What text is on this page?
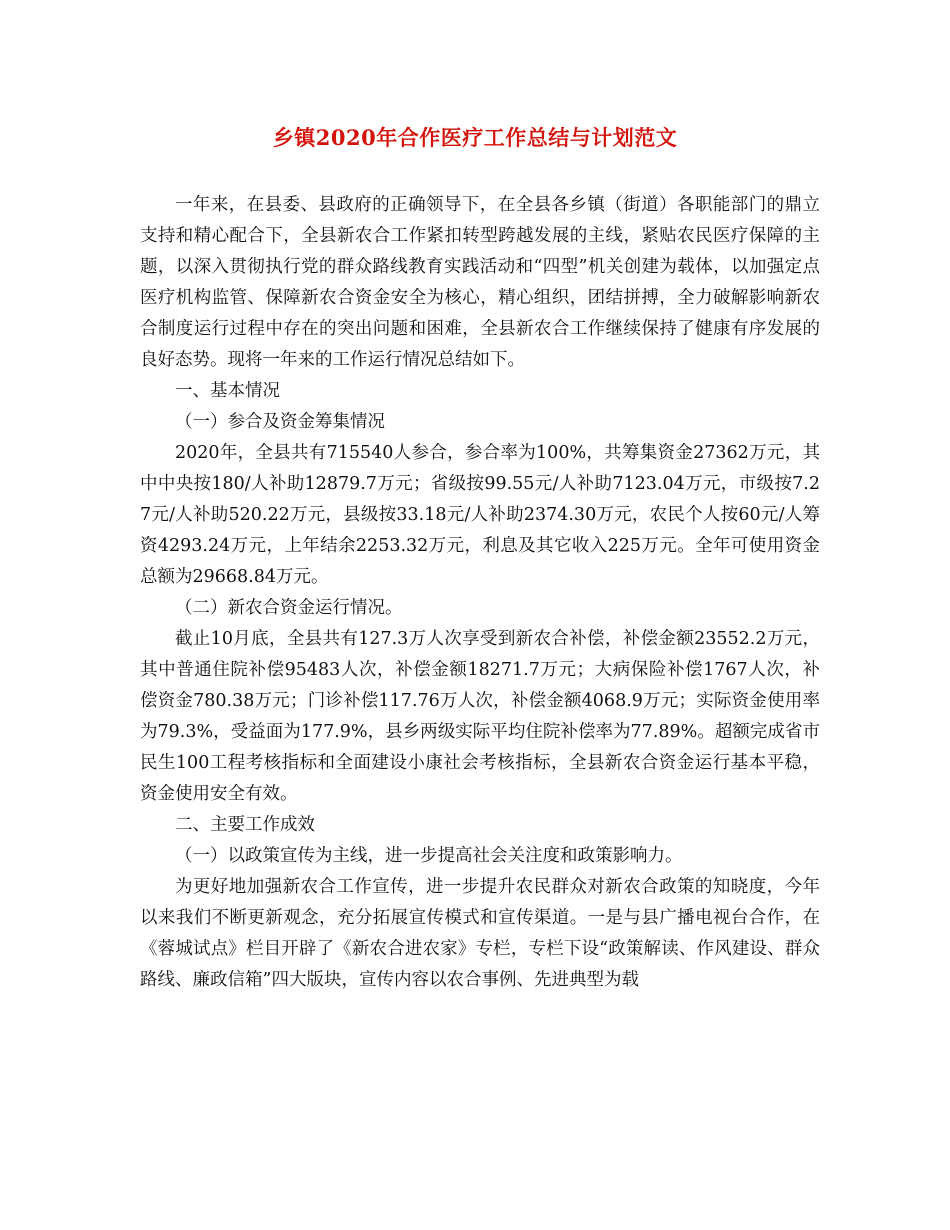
乡镇2020年合作医疗工作总结与计划范文

一年来，在县委、县政府的正确领导下，在全县各乡镇（街道）各职能部门的鼎立支持和精心配合下，全县新农合工作紧扣转型跨越发展的主线，紧贴农民医疗保障的主题，以深入贯彻执行党的群众路线教育实践活动和“四型”机关创建为载体，以加强定点医疗机构监管、保障新农合资金安全为核心，精心组织，团结拼搏，全力破解影响新农合制度运行过程中存在的突出问题和困难，全县新农合工作继续保持了健康有序发展的良好态势。现将一年来的工作运行情况总结如下。

一、基本情况

（一）参合及资金筹集情况

2020年，全县共有715540人参合，参合率为100%，共筹集资金27362万元，其中中央按180/人补助12879.7万元；省级按99.55元/人补助7123.04万元，市级按7.27元/人补助520.22万元，县级按33.18元/人补助2374.30万元，农民个人按60元/人筹资4293.24万元，上年结余2253.32万元，利息及其它收入225万元。全年可使用资金总额为29668.84万元。

（二）新农合资金运行情况。

截止10月底，全县共有127.3万人次享受到新农合补偿，补偿金额23552.2万元，其中普通住院补偿95483人次，补偿金额18271.7万元；大病保险补偿1767人次，补偿资金780.38万元；门诊补偿117.76万人次，补偿金额4068.9万元；实际资金使用率为79.3%，受益面为177.9%，县乡两级实际平均住院补偿率为77.89%。超额完成省市民生100工程考核指标和全面建设小康社会考核指标，全县新农合资金运行基本平稳，资金使用安全有效。

二、主要工作成效

（一）以政策宣传为主线，进一步提高社会关注度和政策影响力。

为更好地加强新农合工作宣传，进一步提升农民群众对新农合政策的知晓度，今年以来我们不断更新观念，充分拓展宣传模式和宣传渠道。一是与县广播电视台合作，在《蓉城试点》栏目开辟了《新农合进农家》专栏，专栏下设“政策解读、作风建设、群众路线、廉政信箱”四大版块，宣传内容以农合事例、先进典型为载
